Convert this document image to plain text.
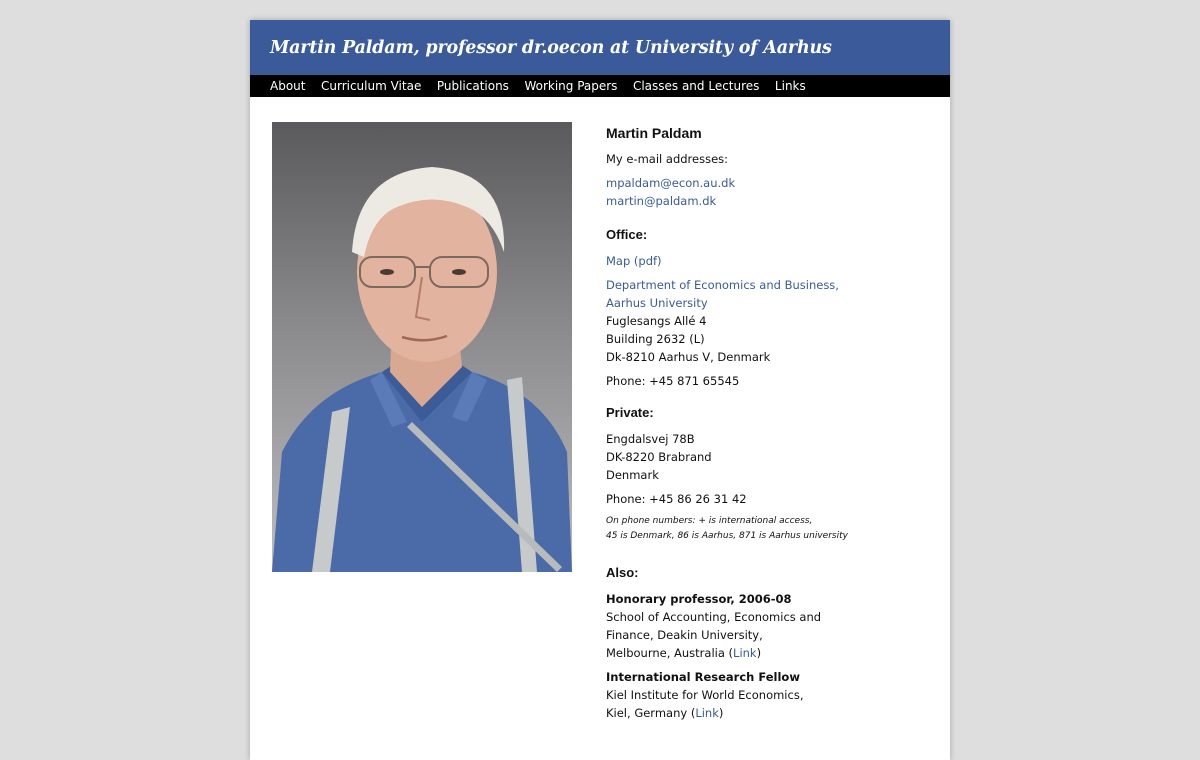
Martin Paldam, professor dr.oecon at University of Aarhus
About Curriculum Vitae Publications Working Papers Classes and Lectures Links
Martin Paldam

My e-mail addresses:

mpaldam@econ.au.dk
martin@paldam.dk
Office:

Map (pdf)

Department of Economics and Business,
Aarhus University
Fuglesangs Allé 4
Building 2632 (L)
Dk-8210 Aarhus V, Denmark

Phone: +45 871 65545

Private:

Engdalsvej 78B
DK-8220 Brabrand
Denmark

Phone: +45 86 26 31 42

On phone numbers: + is international access,
45 is Denmark, 86 is Aarhus, 871 is Aarhus university

Also:

Honorary professor, 2006-08
School of Accounting, Economics and
Finance, Deakin University,
Melbourne, Australia (Link)

International Research Fellow
Kiel Institute for World Economics,
Kiel, Germany (Link)
